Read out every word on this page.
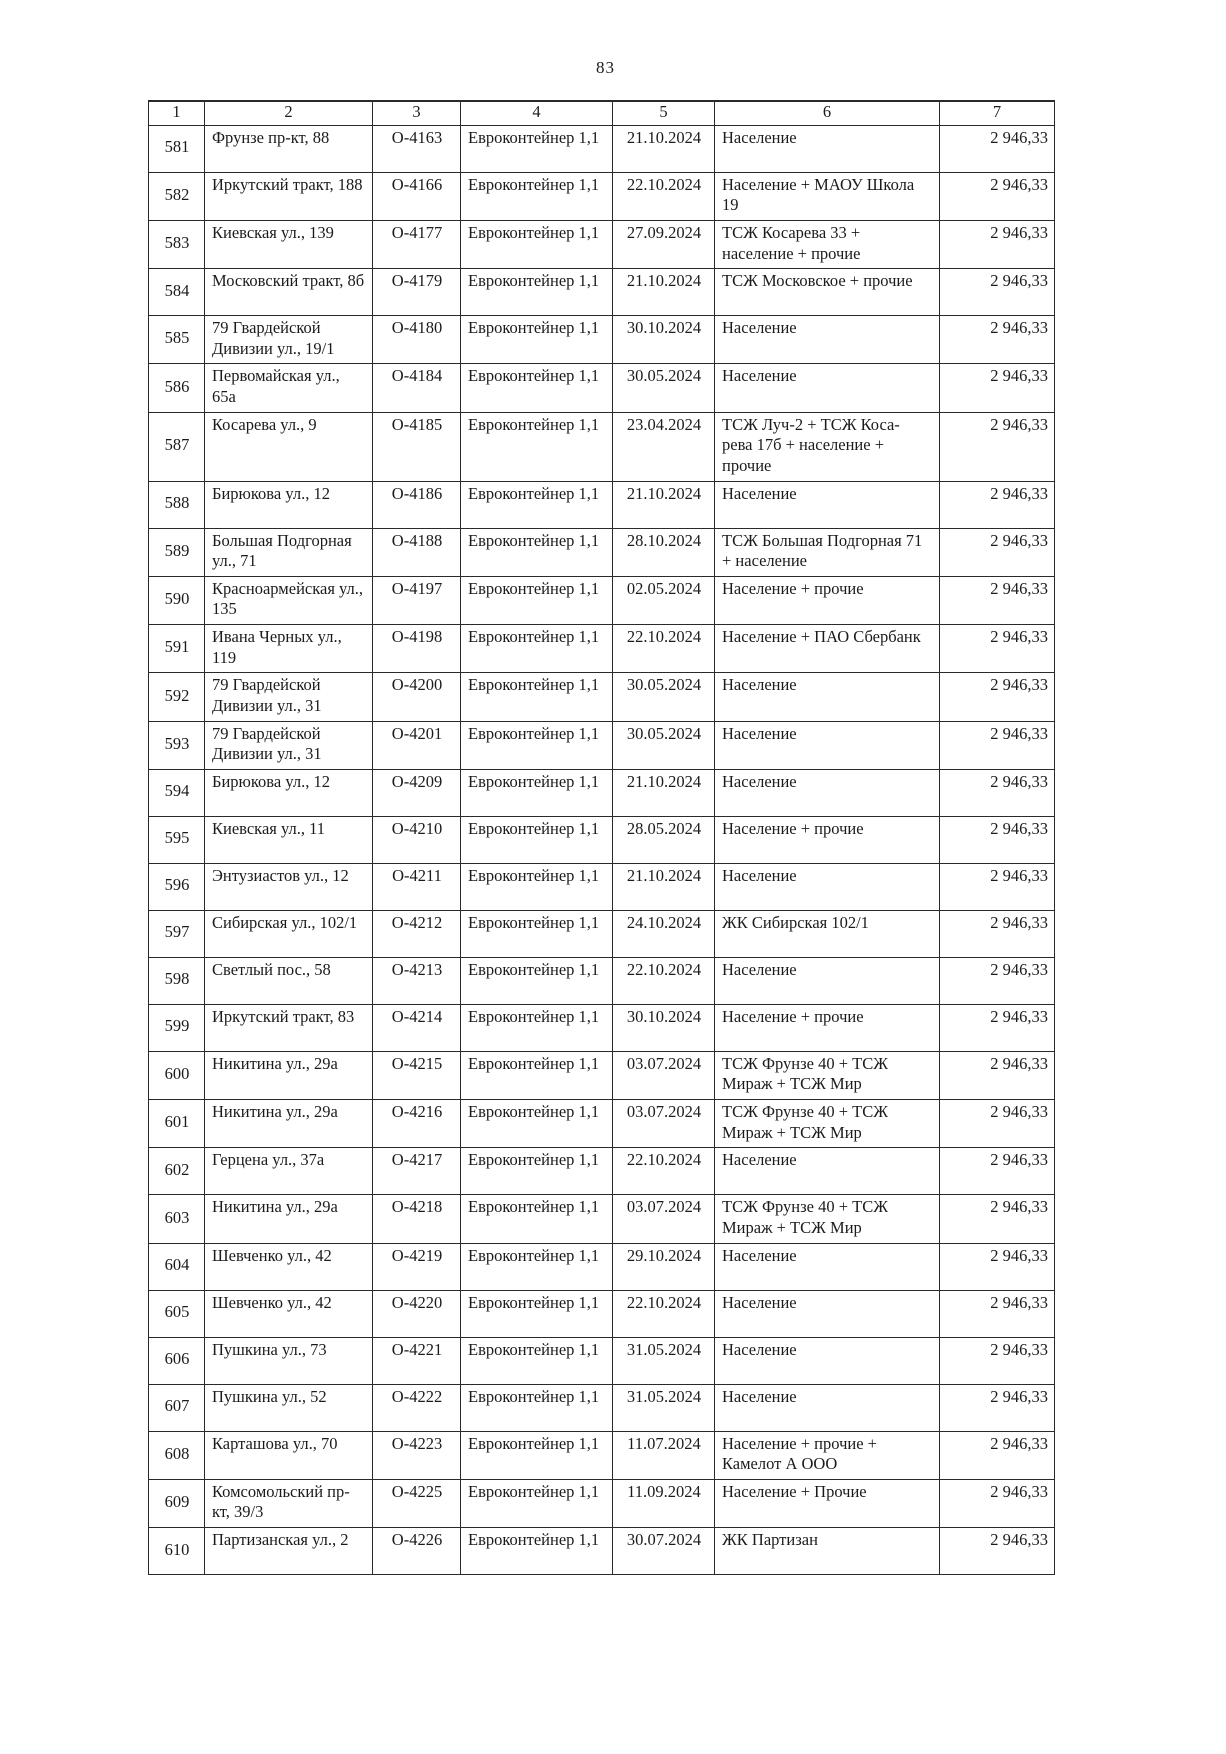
83
1	2	3	4	5	6	7
581	Фрунзе пр-кт, 88	О-4163	Евроконтейнер 1,1	21.10.2024	Население	2 946,33
582	Иркутский тракт, 188	О-4166	Евроконтейнер 1,1	22.10.2024	Население + МАОУ Школа 19	2 946,33
583	Киевская ул., 139	О-4177	Евроконтейнер 1,1	27.09.2024	ТСЖ Косарева 33 + население + прочие	2 946,33
584	Московский тракт, 8б	О-4179	Евроконтейнер 1,1	21.10.2024	ТСЖ Московское + прочие	2 946,33
585	79 Гвардейской Дивизии ул., 19/1	О-4180	Евроконтейнер 1,1	30.10.2024	Население	2 946,33
586	Первомайская ул., 65а	О-4184	Евроконтейнер 1,1	30.05.2024	Население	2 946,33
587	Косарева ул., 9	О-4185	Евроконтейнер 1,1	23.04.2024	ТСЖ Луч-2 + ТСЖ Коса- рева 17б + население + прочие	2 946,33
588	Бирюкова ул., 12	О-4186	Евроконтейнер 1,1	21.10.2024	Население	2 946,33
589	Большая Подгорная ул., 71	О-4188	Евроконтейнер 1,1	28.10.2024	ТСЖ Большая Подгорная 71 + население	2 946,33
590	Красноармейская ул., 135	О-4197	Евроконтейнер 1,1	02.05.2024	Население + прочие	2 946,33
591	Ивана Черных ул., 119	О-4198	Евроконтейнер 1,1	22.10.2024	Население + ПАО Сбербанк	2 946,33
592	79 Гвардейской Дивизии ул., 31	О-4200	Евроконтейнер 1,1	30.05.2024	Население	2 946,33
593	79 Гвардейской Дивизии ул., 31	О-4201	Евроконтейнер 1,1	30.05.2024	Население	2 946,33
594	Бирюкова ул., 12	О-4209	Евроконтейнер 1,1	21.10.2024	Население	2 946,33
595	Киевская ул., 11	О-4210	Евроконтейнер 1,1	28.05.2024	Население + прочие	2 946,33
596	Энтузиастов ул., 12	О-4211	Евроконтейнер 1,1	21.10.2024	Население	2 946,33
597	Сибирская ул., 102/1	О-4212	Евроконтейнер 1,1	24.10.2024	ЖК Сибирская 102/1	2 946,33
598	Светлый пос., 58	О-4213	Евроконтейнер 1,1	22.10.2024	Население	2 946,33
599	Иркутский тракт, 83	О-4214	Евроконтейнер 1,1	30.10.2024	Население + прочие	2 946,33
600	Никитина ул., 29а	О-4215	Евроконтейнер 1,1	03.07.2024	ТСЖ Фрунзе 40 + ТСЖ Мираж + ТСЖ Мир	2 946,33
601	Никитина ул., 29а	О-4216	Евроконтейнер 1,1	03.07.2024	ТСЖ Фрунзе 40 + ТСЖ Мираж + ТСЖ Мир	2 946,33
602	Герцена ул., 37а	О-4217	Евроконтейнер 1,1	22.10.2024	Население	2 946,33
603	Никитина ул., 29а	О-4218	Евроконтейнер 1,1	03.07.2024	ТСЖ Фрунзе 40 + ТСЖ Мираж + ТСЖ Мир	2 946,33
604	Шевченко ул., 42	О-4219	Евроконтейнер 1,1	29.10.2024	Население	2 946,33
605	Шевченко ул., 42	О-4220	Евроконтейнер 1,1	22.10.2024	Население	2 946,33
606	Пушкина ул., 73	О-4221	Евроконтейнер 1,1	31.05.2024	Население	2 946,33
607	Пушкина ул., 52	О-4222	Евроконтейнер 1,1	31.05.2024	Население	2 946,33
608	Карташова ул., 70	О-4223	Евроконтейнер 1,1	11.07.2024	Население + прочие + Камелот А ООО	2 946,33
609	Комсомольский пр-кт, 39/3	О-4225	Евроконтейнер 1,1	11.09.2024	Население + Прочие	2 946,33
610	Партизанская ул., 2	О-4226	Евроконтейнер 1,1	30.07.2024	ЖК Партизан	2 946,33
